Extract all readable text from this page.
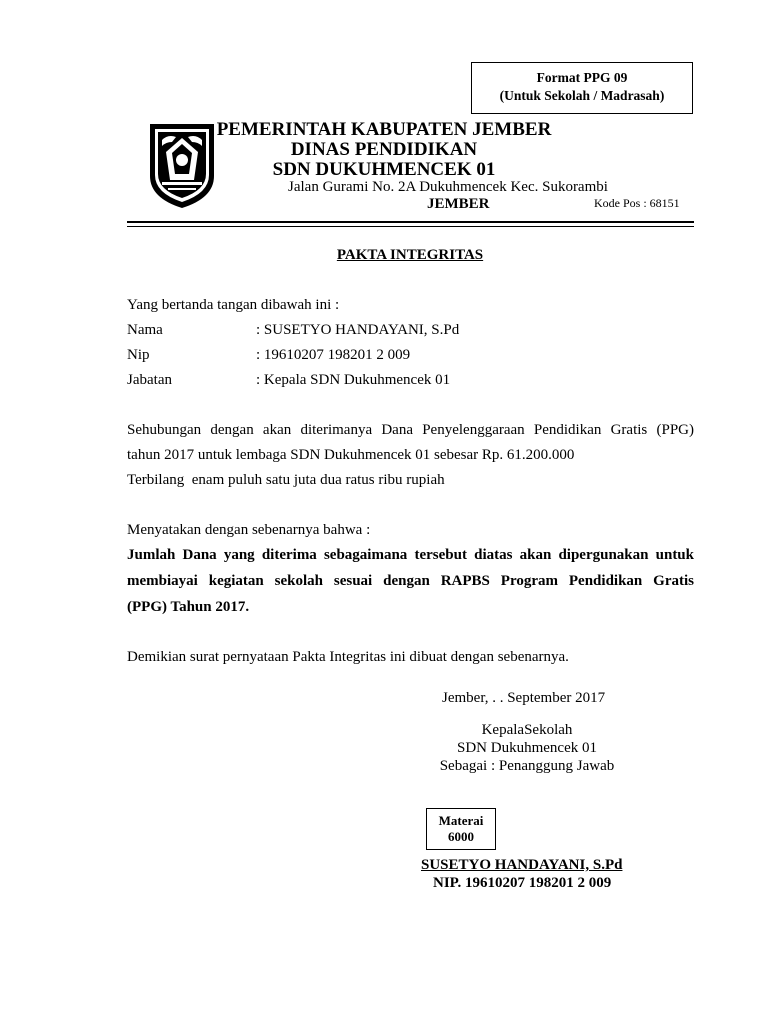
Format PPG 09
(Untuk Sekolah / Madrasah)
PEMERINTAH KABUPATEN JEMBER
DINAS PENDIDIKAN
SDN DUKUHMENCEK 01
Jalan Gurami No. 2A Dukuhmencek Kec. Sukorambi
JEMBER	Kode Pos : 68151
PAKTA INTEGRITAS
Yang bertanda tangan dibawah ini :
Nama	: SUSETYO HANDAYANI, S.Pd
Nip	: 19610207 198201 2 009
Jabatan	: Kepala SDN Dukuhmencek 01
Sehubungan dengan akan diterimanya Dana Penyelenggaraan Pendidikan Gratis (PPG)
tahun 2017 untuk lembaga SDN Dukuhmencek 01 sebesar Rp. 61.200.000
Terbilang  enam puluh satu juta dua ratus ribu rupiah
Menyatakan dengan sebenarnya bahwa :
Jumlah Dana yang diterima sebagaimana tersebut diatas akan dipergunakan untuk
membiayai kegiatan sekolah sesuai dengan RAPBS Program Pendidikan Gratis
(PPG) Tahun 2017.
Demikian surat pernyataan Pakta Integritas ini dibuat dengan sebenarnya.
Jember, . . September 2017
KepalaSekolah
SDN Dukuhmencek 01
Sebagai : Penanggung Jawab
Materai
6000
SUSETYO HANDAYANI, S.Pd
NIP. 19610207 198201 2 009
